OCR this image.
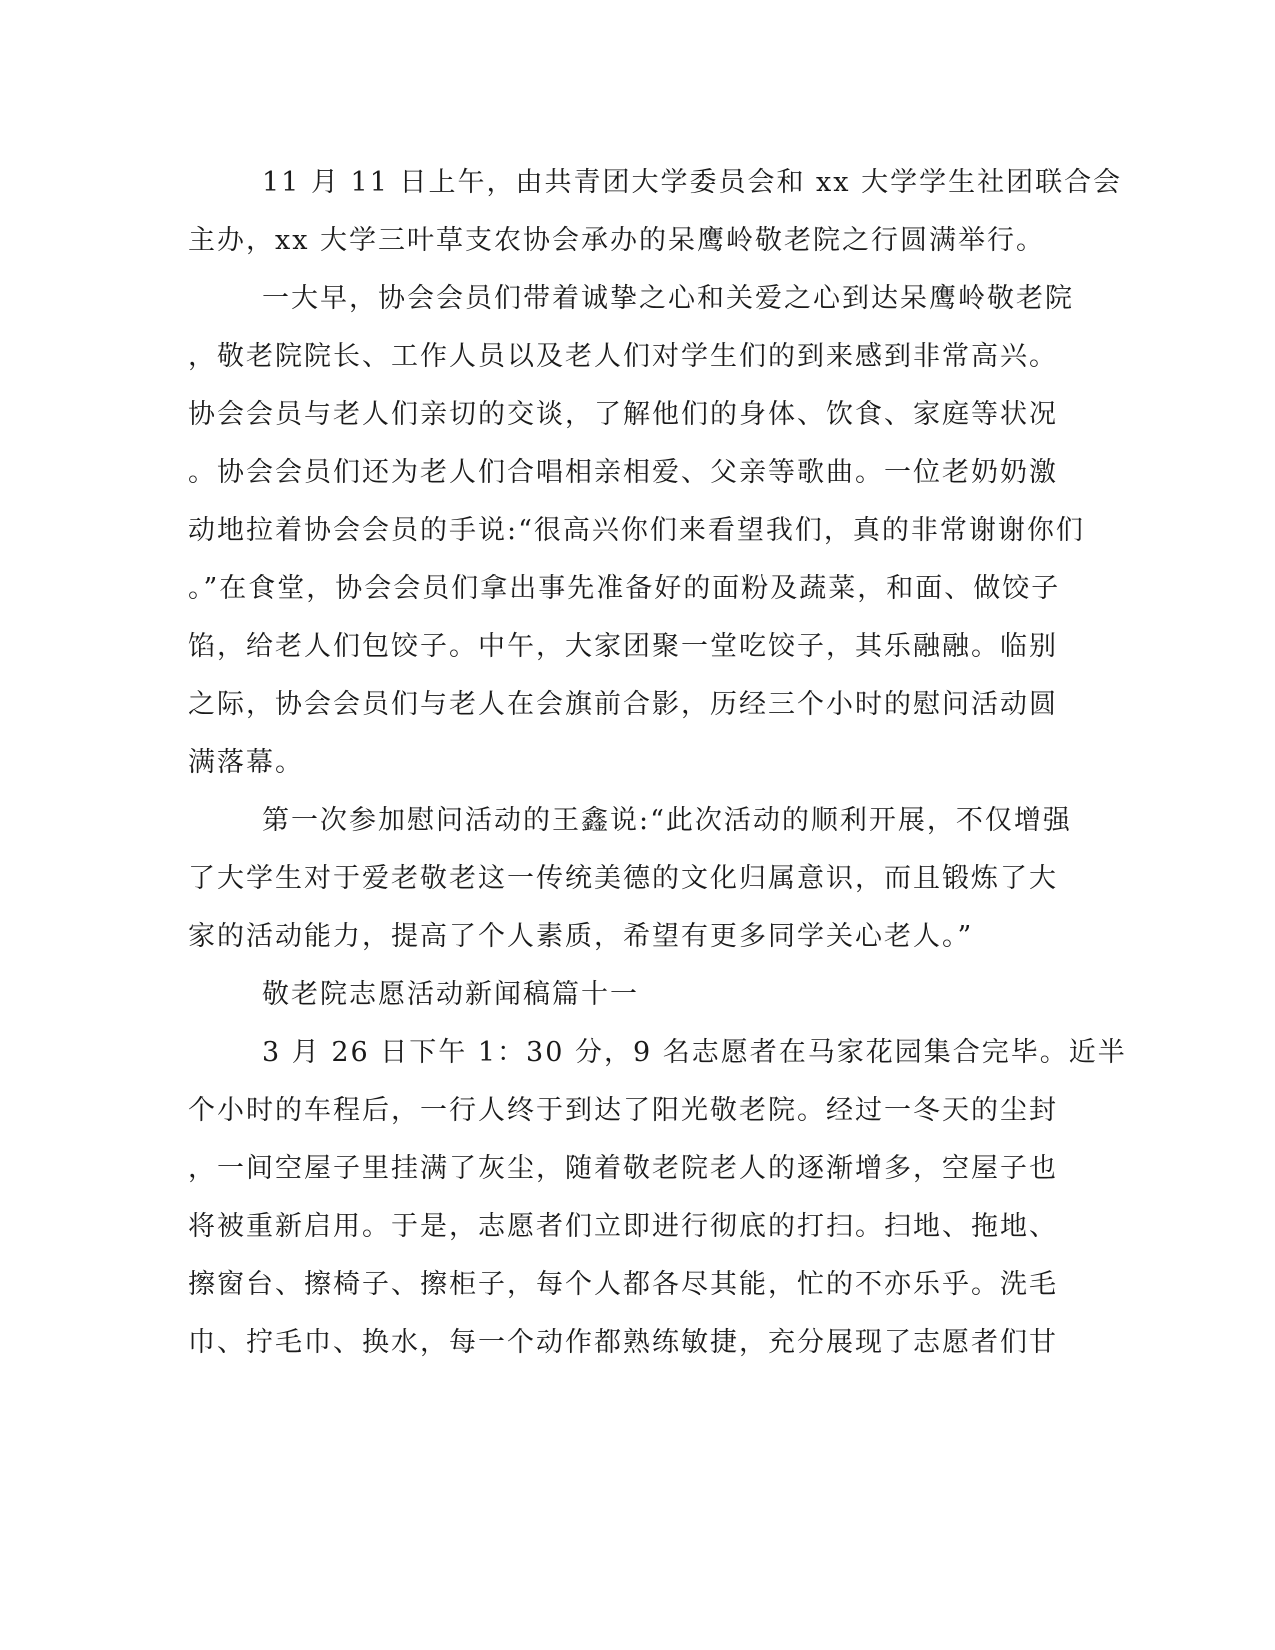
11 月 11 日上午，由共青团大学委员会和 xx 大学学生社团联合会
主办，xx 大学三叶草支农协会承办的呆鹰岭敬老院之行圆满举行。
一大早，协会会员们带着诚挚之心和关爱之心到达呆鹰岭敬老院
，敬老院院长、工作人员以及老人们对学生们的到来感到非常高兴。
协会会员与老人们亲切的交谈，了解他们的身体、饮食、家庭等状况
。协会会员们还为老人们合唱相亲相爱、父亲等歌曲。一位老奶奶激
动地拉着协会会员的手说:“很高兴你们来看望我们，真的非常谢谢你们
。”在食堂，协会会员们拿出事先准备好的面粉及蔬菜，和面、做饺子
馅，给老人们包饺子。中午，大家团聚一堂吃饺子，其乐融融。临别
之际，协会会员们与老人在会旗前合影，历经三个小时的慰问活动圆
满落幕。
第一次参加慰问活动的王鑫说:“此次活动的顺利开展，不仅增强
了大学生对于爱老敬老这一传统美德的文化归属意识，而且锻炼了大
家的活动能力，提高了个人素质，希望有更多同学关心老人。”
敬老院志愿活动新闻稿篇十一
3 月 26 日下午 1：30 分，9 名志愿者在马家花园集合完毕。近半
个小时的车程后，一行人终于到达了阳光敬老院。经过一冬天的尘封
，一间空屋子里挂满了灰尘，随着敬老院老人的逐渐增多，空屋子也
将被重新启用。于是，志愿者们立即进行彻底的打扫。扫地、拖地、
擦窗台、擦椅子、擦柜子，每个人都各尽其能，忙的不亦乐乎。洗毛
巾、拧毛巾、换水，每一个动作都熟练敏捷，充分展现了志愿者们甘
